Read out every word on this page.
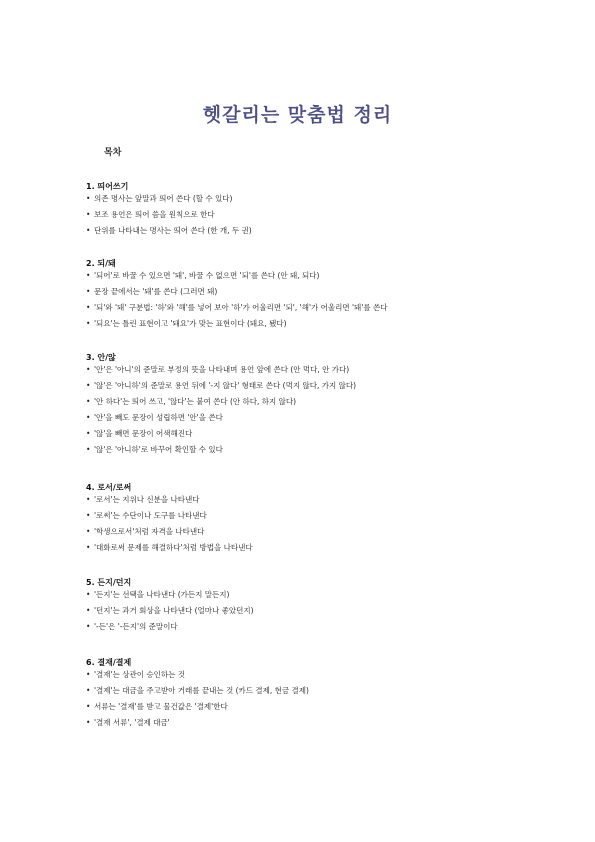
헷갈리는 맞춤법 정리
목차
1. 띄어쓰기
• 의존 명사는 앞말과 띄어 쓴다 (할 수 있다)
• 보조 용언은 띄어 씀을 원칙으로 한다
• 단위를 나타내는 명사는 띄어 쓴다 (한 개, 두 권)
2. 되/돼
• '되어'로 바꿀 수 있으면 '돼', 바꿀 수 없으면 '되'를 쓴다 (안 돼, 되다)
• 문장 끝에서는 '돼'를 쓴다 (그러면 돼)
• '되'와 '돼' 구분법: '하'와 '해'를 넣어 보아 '하'가 어울리면 '되', '해'가 어울리면 '돼'를 쓴다
• '되요'는 틀린 표현이고 '돼요'가 맞는 표현이다 (돼요, 됐다)
3. 안/않
• '안'은 '아니'의 준말로 부정의 뜻을 나타내며 용언 앞에 쓴다 (안 먹다, 안 가다)
• '않'은 '아니하'의 준말로 용언 뒤에 '-지 않다' 형태로 쓴다 (먹지 않다, 가지 않다)
• '안 하다'는 띄어 쓰고, '않다'는 붙여 쓴다 (안 하다, 하지 않다)
• '안'을 빼도 문장이 성립하면 '안'을 쓴다
• '않'을 빼면 문장이 어색해진다
• '않'은 '아니하'로 바꾸어 확인할 수 있다
4. 로서/로써
• '로서'는 지위나 신분을 나타낸다
• '로써'는 수단이나 도구를 나타낸다
• '학생으로서'처럼 자격을 나타낸다
• '대화로써 문제를 해결하다'처럼 방법을 나타낸다
5. 든지/던지
• '든지'는 선택을 나타낸다 (가든지 말든지)
• '던지'는 과거 회상을 나타낸다 (얼마나 좋았던지)
• '-든'은 '-든지'의 준말이다
6. 결재/결제
• '결재'는 상관이 승인하는 것
• '결제'는 대금을 주고받아 거래를 끝내는 것 (카드 결제, 현금 결제)
• 서류는 '결재'를 받고 물건값은 '결제'한다
• '결재 서류', '결제 대금'
